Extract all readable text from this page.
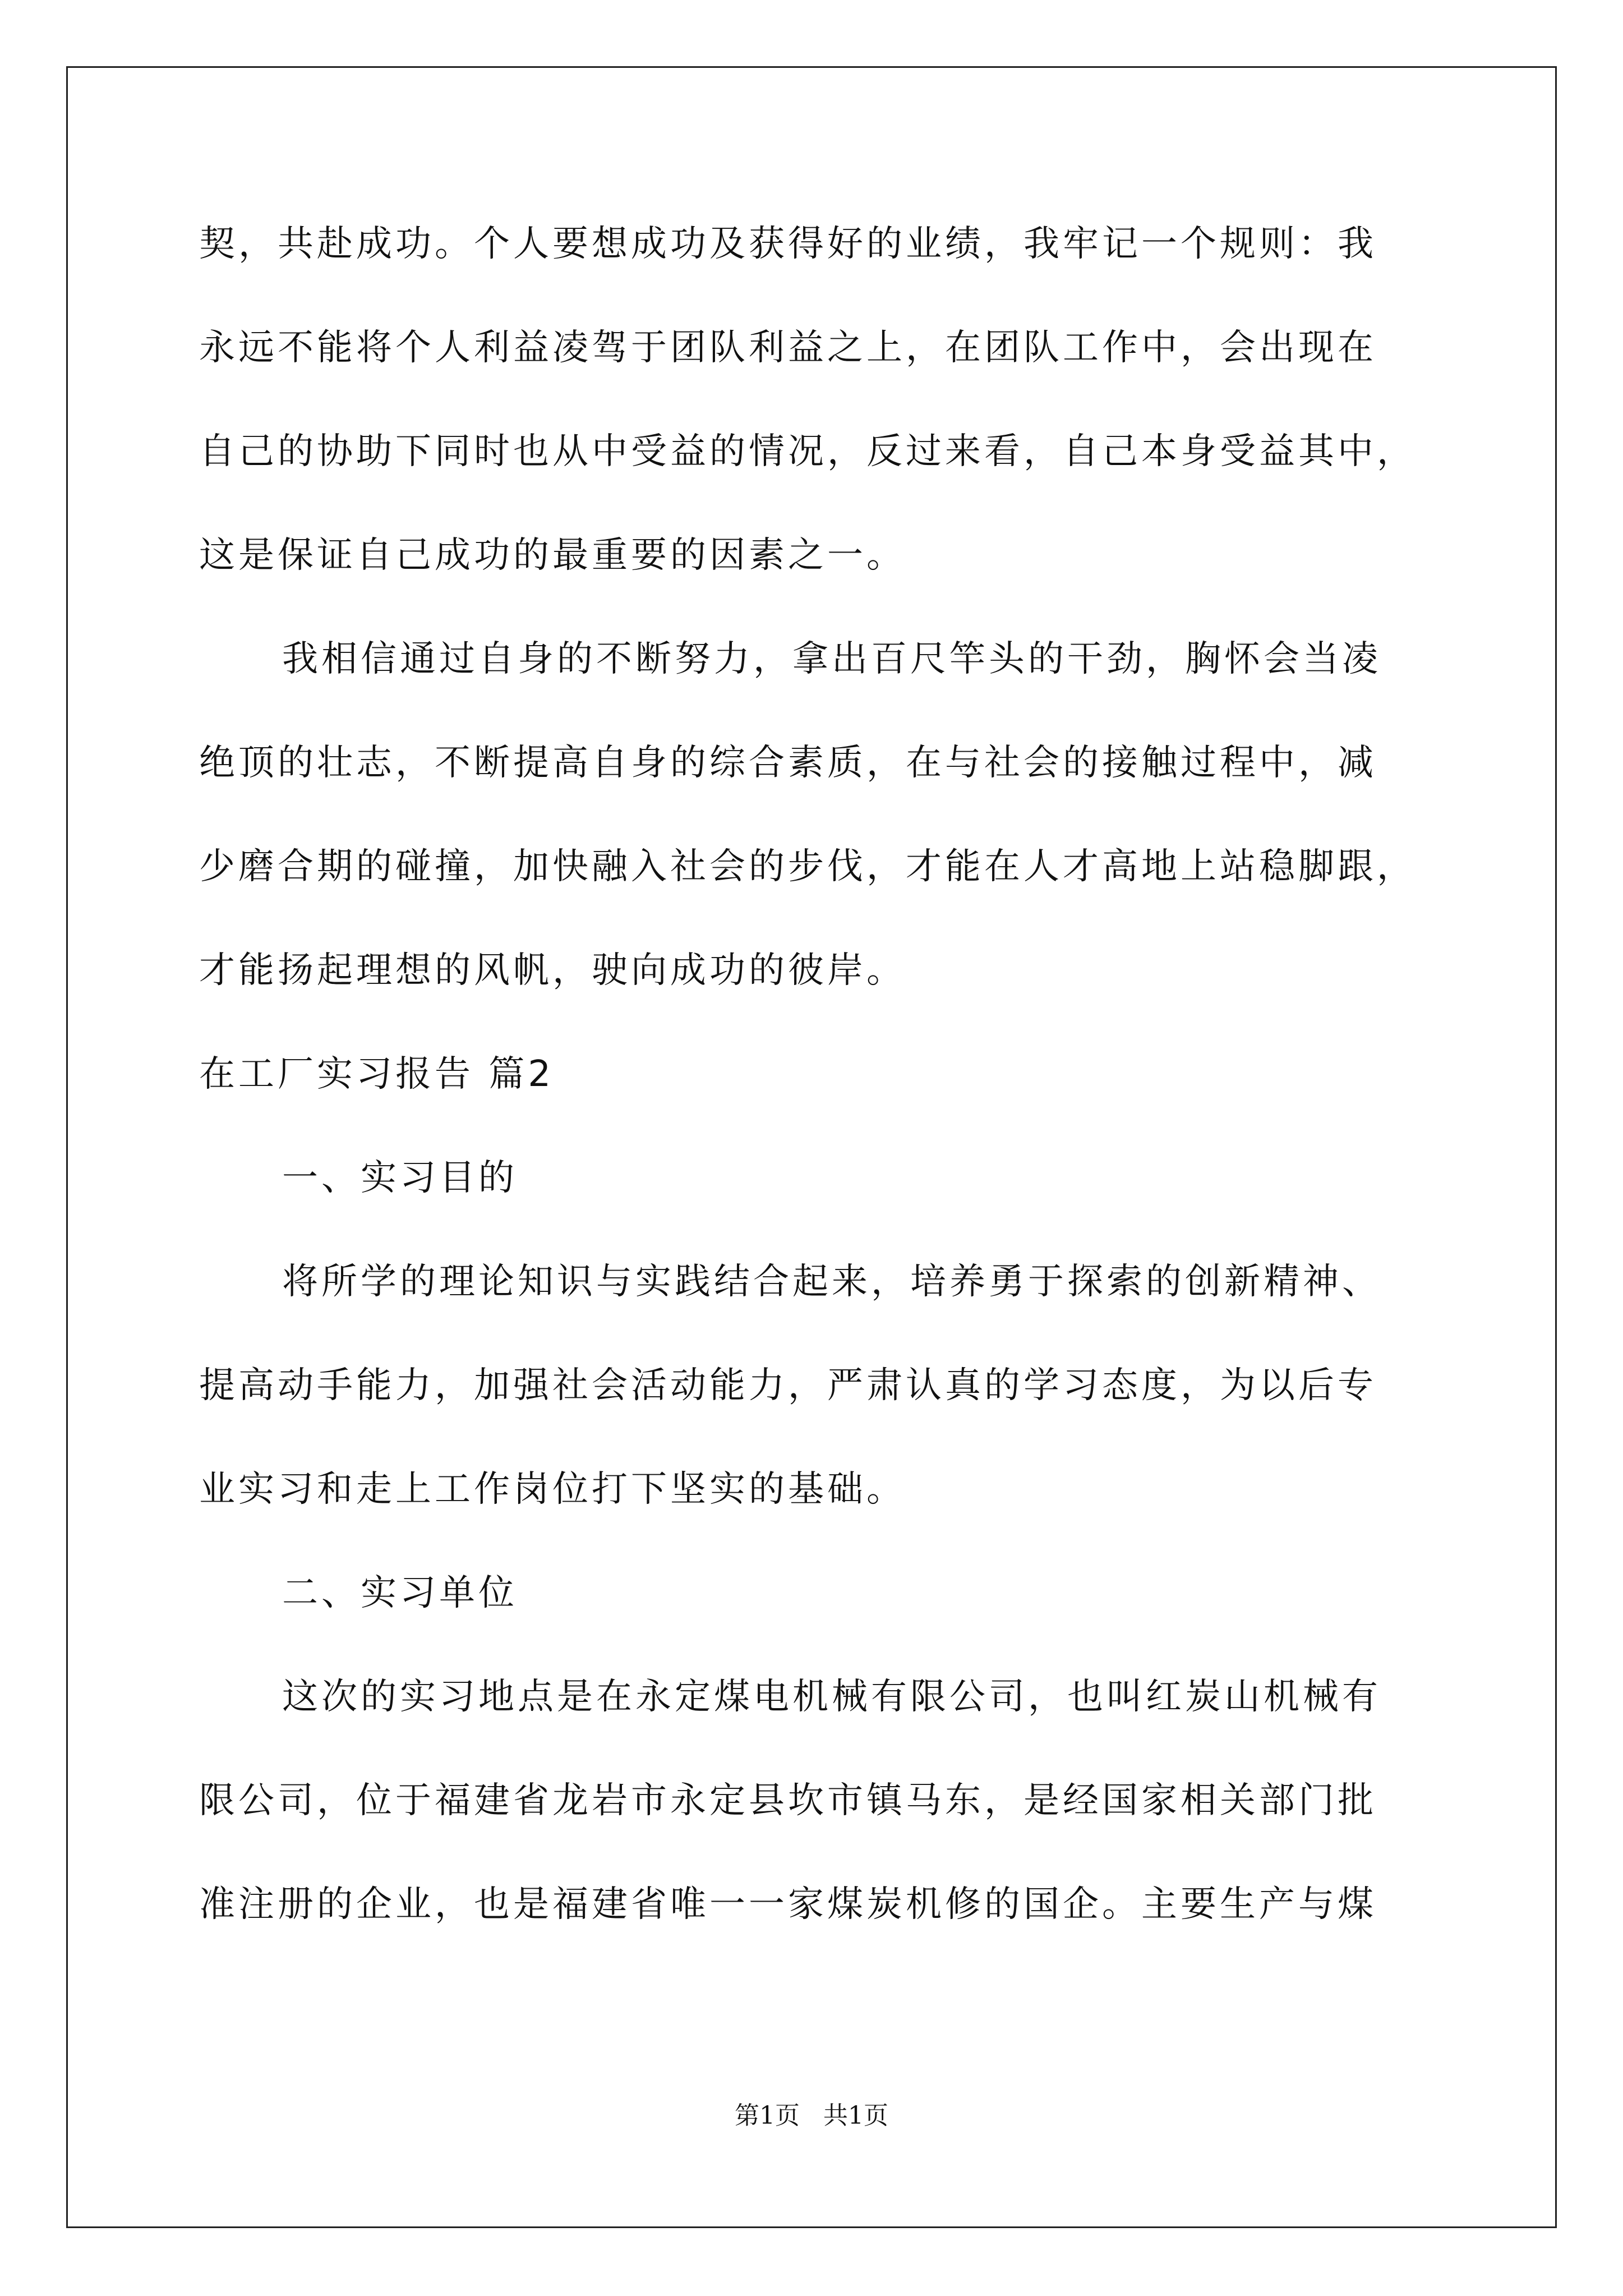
契，共赴成功。个人要想成功及获得好的业绩，我牢记一个规则：我
永远不能将个人利益凌驾于团队利益之上，在团队工作中，会出现在
自己的协助下同时也从中受益的情况，反过来看，自己本身受益其中，
这是保证自己成功的最重要的因素之一。
我相信通过自身的不断努力，拿出百尺竿头的干劲，胸怀会当凌
绝顶的壮志，不断提高自身的综合素质，在与社会的接触过程中，减
少磨合期的碰撞，加快融入社会的步伐，才能在人才高地上站稳脚跟，
才能扬起理想的风帆，驶向成功的彼岸。
在工厂实习报告 篇2
一、实习目的
将所学的理论知识与实践结合起来，培养勇于探索的创新精神、
提高动手能力，加强社会活动能力，严肃认真的学习态度，为以后专
业实习和走上工作岗位打下坚实的基础。
二、实习单位
这次的实习地点是在永定煤电机械有限公司，也叫红炭山机械有
限公司，位于福建省龙岩市永定县坎市镇马东，是经国家相关部门批
准注册的企业，也是福建省唯一一家煤炭机修的国企。主要生产与煤
第1页 共1页
